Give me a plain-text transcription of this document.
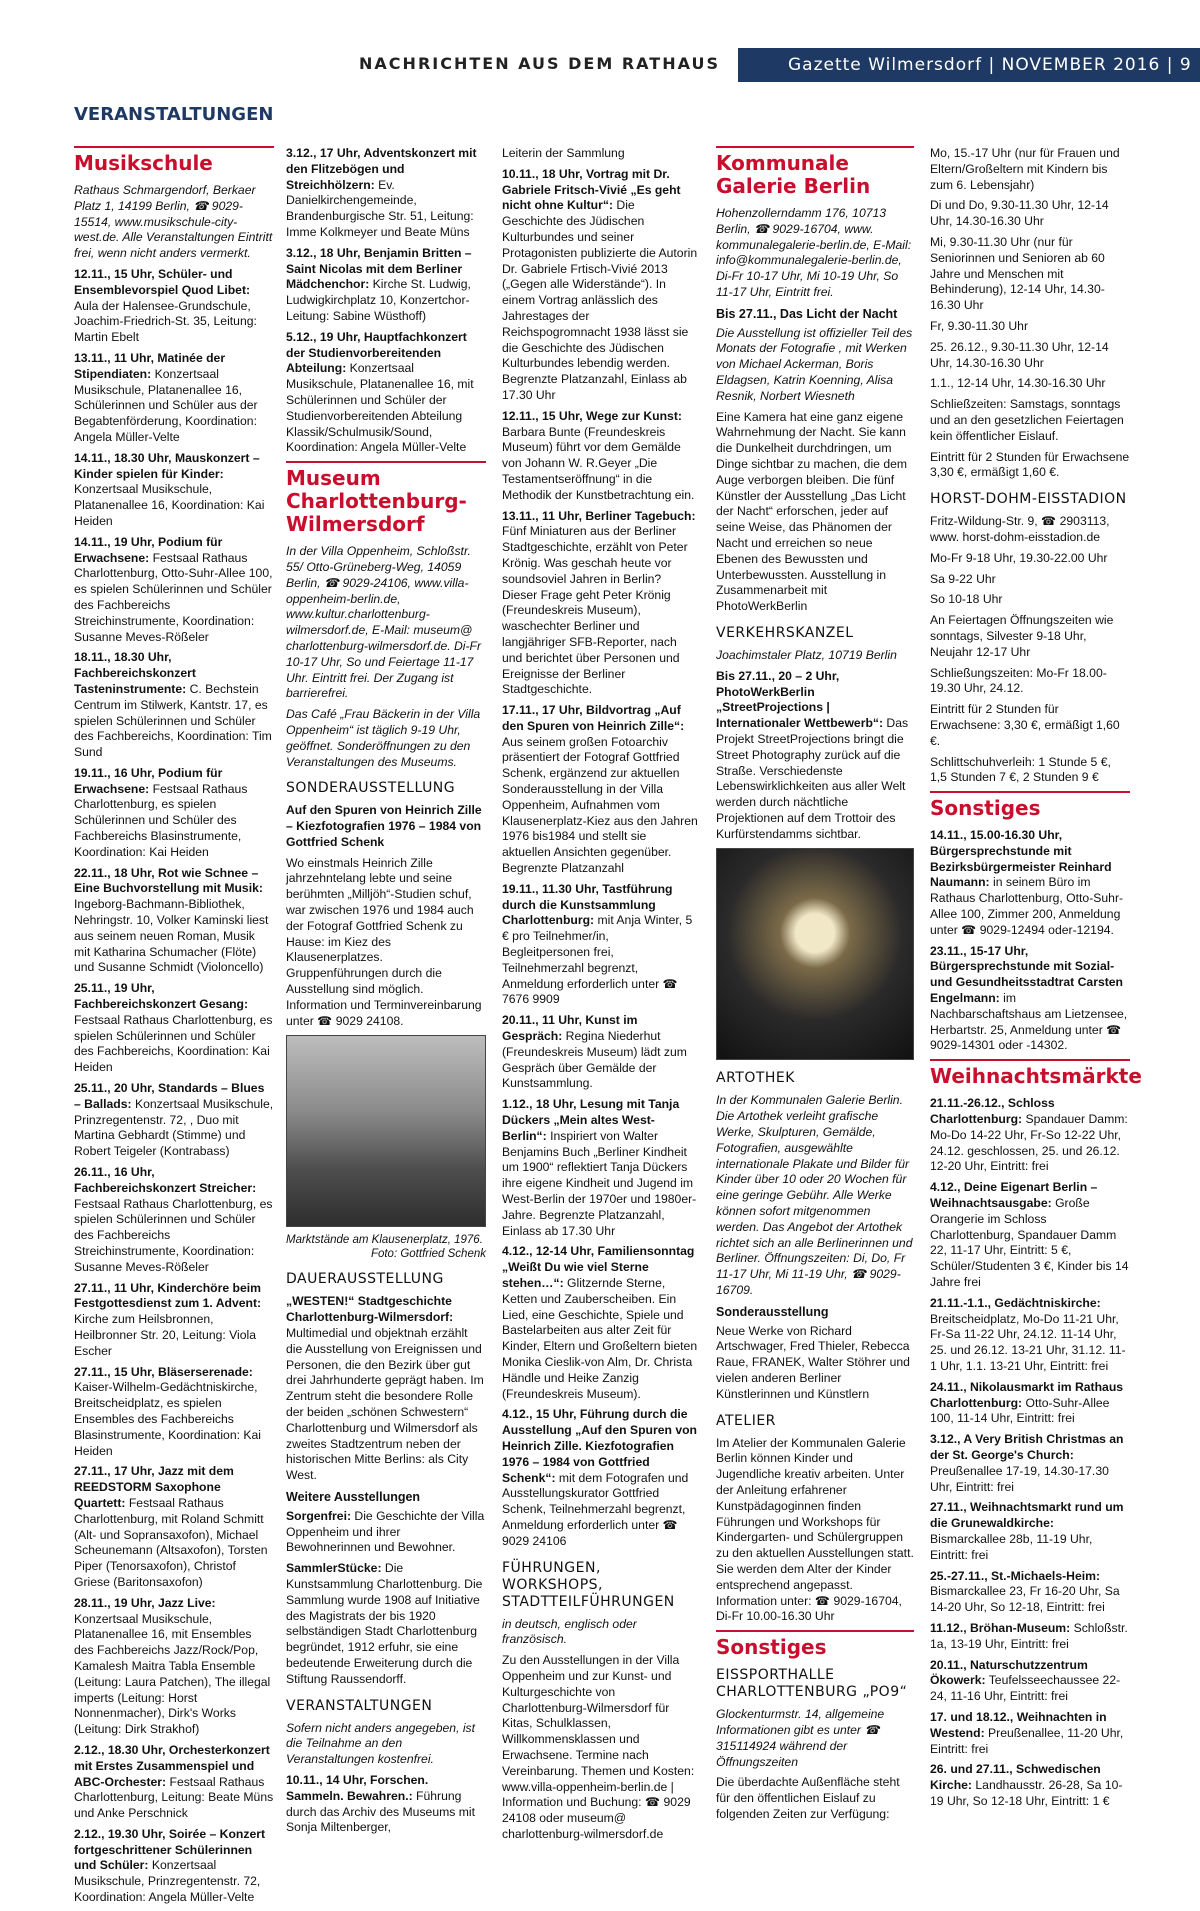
NACHRICHTEN AUS DEM RATHAUS	Gazette Wilmersdorf | NOVEMBER 2016 | 9
VERANSTALTUNGEN
Musikschule

Rathaus Schmargendorf, Berkaer Platz 1, 14199 Berlin, ☎ 9029-15514, www.musikschule-city-west.de. Alle Veranstaltungen Eintritt frei, wenn nicht anders vermerkt.

12.11., 15 Uhr, Schüler- und Ensemblevorspiel Quod Libet: Aula der Halensee-Grundschule, Joachim-Friedrich-St. 35, Leitung: Martin Ebelt

13.11., 11 Uhr, Matinée der Stipendiaten: Konzertsaal Musikschule, Platanenallee 16, Schülerinnen und Schüler aus der Begabtenförderung, Koordination: Angela Müller-Velte

14.11., 18.30 Uhr, Mauskonzert – Kinder spielen für Kinder: Konzertsaal Musikschule, Platanenallee 16, Koordination: Kai Heiden

14.11., 19 Uhr, Podium für Erwachsene: Festsaal Rathaus Charlottenburg, Otto-Suhr-Allee 100, es spielen Schülerinnen und Schüler des Fachbereichs Streichinstrumente, Koordination: Susanne Meves-Rößeler

18.11., 18.30 Uhr, Fachbereichskonzert Tasteninstrumente: C. Bechstein Centrum im Stilwerk, Kantstr. 17, es spielen Schülerinnen und Schüler des Fachbereichs, Koordination: Tim Sund

19.11., 16 Uhr, Podium für Erwachsene: Festsaal Rathaus Charlottenburg, es spielen Schülerinnen und Schüler des Fachbereichs Blasinstrumente, Koordination: Kai Heiden

22.11., 18 Uhr, Rot wie Schnee – Eine Buchvorstellung mit Musik: Ingeborg-Bachmann-Bibliothek, Nehringstr. 10, Volker Kaminski liest aus seinem neuen Roman, Musik mit Katharina Schumacher (Flöte) und Susanne Schmidt (Violoncello)

25.11., 19 Uhr, Fachbereichskonzert Gesang: Festsaal Rathaus Charlottenburg, es spielen Schülerinnen und Schüler des Fachbereichs, Koordination: Kai Heiden

25.11., 20 Uhr, Standards – Blues – Ballads: Konzertsaal Musikschule, Prinzregentenstr. 72, , Duo mit Martina Gebhardt (Stimme) und Robert Teigeler (Kontrabass)

26.11., 16 Uhr, Fachbereichskonzert Streicher: Festsaal Rathaus Charlottenburg, es spielen Schülerinnen und Schüler des Fachbereichs Streichinstrumente, Koordination: Susanne Meves-Rößeler

27.11., 11 Uhr, Kinderchöre beim Festgottesdienst zum 1. Advent: Kirche zum Heilsbronnen, Heilbronner Str. 20, Leitung: Viola Escher

27.11., 15 Uhr, Bläserserenade: Kaiser-Wilhelm-Gedächtniskirche, Breitscheidplatz, es spielen Ensembles des Fachbereichs Blasinstrumente, Koordination: Kai Heiden

27.11., 17 Uhr, Jazz mit dem REEDSTORM Saxophone Quartett: Festsaal Rathaus Charlottenburg, mit Roland Schmitt (Alt- und Sopransaxofon), Michael Scheunemann (Altsaxofon), Torsten Piper (Tenorsaxofon), Christof Griese (Baritonsaxofon)

28.11., 19 Uhr, Jazz Live: Konzertsaal Musikschule, Platanenallee 16, mit Ensembles des Fachbereichs Jazz/Rock/Pop, Kamalesh Maitra Tabla Ensemble (Leitung: Laura Patchen), The illegal imperts (Leitung: Horst Nonnenmacher), Dirk's Works (Leitung: Dirk Strakhof)

2.12., 18.30 Uhr, Orchesterkonzert mit Erstes Zusammenspiel und ABC-Orchester: Festsaal Rathaus Charlottenburg, Leitung: Beate Müns und Anke Perschnick

2.12., 19.30 Uhr, Soirée – Konzert fortgeschrittener Schülerinnen und Schüler: Konzertsaal Musikschule, Prinzregentenstr. 72, Koordination: Angela Müller-Velte

3.12., 17 Uhr, Adventskonzert mit den Flitzebögen und Streichhölzern: Ev. Danielkirchengemeinde, Brandenburgische Str. 51, Leitung: Imme Kolkmeyer und Beate Müns

3.12., 18 Uhr, Benjamin Britten – Saint Nicolas mit dem Berliner Mädchenchor: Kirche St. Ludwig, Ludwigkirchplatz 10, Konzertchor-Leitung: Sabine Wüsthoff)

5.12., 19 Uhr, Hauptfachkonzert der Studienvorbereitenden Abteilung: Konzertsaal Musikschule, Platanenallee 16, mit Schülerinnen und Schüler der Studienvorbereitenden Abteilung Klassik/Schulmusik/Sound, Koordination: Angela Müller-Velte

Museum Charlottenburg-Wilmersdorf

In der Villa Oppenheim, Schloßstr. 55/ Otto-Grüneberg-Weg, 14059 Berlin, ☎ 9029-24106, www.villa-oppenheim-berlin.de, www.kultur.charlottenburg-wilmersdorf.de, E-Mail: museum@ charlottenburg-wilmersdorf.de. Di-Fr 10-17 Uhr, So und Feiertage 11-17 Uhr. Eintritt frei. Der Zugang ist barrierefrei.

Das Café „Frau Bäckerin in der Villa Oppenheim“ ist täglich 9-19 Uhr, geöffnet. Sonderöffnungen zu den Veranstaltungen des Museums.

SONDERAUSSTELLUNG

Auf den Spuren von Heinrich Zille – Kiezfotografien 1976 – 1984 von Gottfried Schenk

Wo einstmals Heinrich Zille jahrzehntelang lebte und seine berühmten „Milljöh“-Studien schuf, war zwischen 1976 und 1984 auch der Fotograf Gottfried Schenk zu Hause: im Kiez des Klausenerplatzes. Gruppenführungen durch die Ausstellung sind möglich. Information und Terminvereinbarung unter ☎ 9029 24108.

Marktstände am Klausenerplatz, 1976.

Foto: Gottfried Schenk
DAUERAUSSTELLUNG

„WESTEN!“ Stadtgeschichte Charlottenburg-Wilmersdorf: Multimedial und objektnah erzählt die Ausstellung von Ereignissen und Personen, die den Bezirk über gut drei Jahrhunderte geprägt haben. Im Zentrum steht die besondere Rolle der beiden „schönen Schwestern“ Charlottenburg und Wilmersdorf als zweites Stadtzentrum neben der historischen Mitte Berlins: als City West.

Weitere Ausstellungen

Sorgenfrei: Die Geschichte der Villa Oppenheim und ihrer Bewohnerinnen und Bewohner.

SammlerStücke: Die Kunstsammlung Charlottenburg. Die Sammlung wurde 1908 auf Initiative des Magistrats der bis 1920 selbständigen Stadt Charlottenburg begründet, 1912 erfuhr, sie eine bedeutende Erweiterung durch die Stiftung Raussendorff.

VERANSTALTUNGEN

Sofern nicht anders angegeben, ist die Teilnahme an den Veranstaltungen kostenfrei.

10.11., 14 Uhr, Forschen. Sammeln. Bewahren.: Führung durch das Archiv des Museums mit Sonja Miltenberger,

Leiterin der Sammlung

10.11., 18 Uhr, Vortrag mit Dr. Gabriele Fritsch-Vivié „Es geht nicht ohne Kultur“: Die Geschichte des Jüdischen Kulturbundes und seiner Protagonisten publizierte die Autorin Dr. Gabriele Frtisch-Vivié 2013 („Gegen alle Widerstände“). In einem Vortrag anlässlich des Jahrestages der Reichspogromnacht 1938 lässt sie die Geschichte des Jüdischen Kulturbundes lebendig werden. Begrenzte Platzanzahl, Einlass ab 17.30 Uhr

12.11., 15 Uhr, Wege zur Kunst: Barbara Bunte (Freundeskreis Museum) führt vor dem Gemälde von Johann W. R.Geyer „Die Testamentseröffnung“ in die Methodik der Kunstbetrachtung ein.

13.11., 11 Uhr, Berliner Tagebuch: Fünf Miniaturen aus der Berliner Stadtgeschichte, erzählt von Peter Krönig. Was geschah heute vor soundsoviel Jahren in Berlin? Dieser Frage geht Peter Krönig (Freundeskreis Museum), waschechter Berliner und langjähriger SFB-Reporter, nach und berichtet über Personen und Ereignisse der Berliner Stadtgeschichte.

17.11., 17 Uhr, Bildvortrag „Auf den Spuren von Heinrich Zille“: Aus seinem großen Fotoarchiv präsentiert der Fotograf Gottfried Schenk, ergänzend zur aktuellen Sonderausstellung in der Villa Oppenheim, Aufnahmen vom Klausenerplatz-Kiez aus den Jahren 1976 bis1984 und stellt sie aktuellen Ansichten gegenüber. Begrenzte Platzanzahl

19.11., 11.30 Uhr, Tastführung durch die Kunstsammlung Charlottenburg: mit Anja Winter, 5 € pro Teilnehmer/in, Begleitpersonen frei, Teilnehmerzahl begrenzt, Anmeldung erforderlich unter ☎ 7676 9909

20.11., 11 Uhr, Kunst im Gespräch: Regina Niederhut (Freundeskreis Museum) lädt zum Gespräch über Gemälde der Kunstsammlung.

1.12., 18 Uhr, Lesung mit Tanja Dückers „Mein altes West-Berlin“: Inspiriert von Walter Benjamins Buch „Berliner Kindheit um 1900“ reflektiert Tanja Dückers ihre eigene Kindheit und Jugend im West-Berlin der 1970er und 1980er-Jahre. Begrenzte Platzanzahl, Einlass ab 17.30 Uhr

4.12., 12-14 Uhr, Familiensonntag „Weißt Du wie viel Sterne stehen…“: Glitzernde Sterne, Ketten und Zauberscheiben. Ein Lied, eine Geschichte, Spiele und Bastelarbeiten aus alter Zeit für Kinder, Eltern und Großeltern bieten Monika Cieslik-von Alm, Dr. Christa Händle und Heike Zanzig (Freundeskreis Museum).

4.12., 15 Uhr, Führung durch die Ausstellung „Auf den Spuren von Heinrich Zille. Kiezfotografien 1976 – 1984 von Gottfried Schenk“: mit dem Fotografen und Ausstellungskurator Gottfried Schenk, Teilnehmerzahl begrenzt, Anmeldung erforderlich unter ☎ 9029 24106

FÜHRUNGEN, WORKSHOPS, STADTTEILFÜHRUNGEN

in deutsch, englisch oder französisch.

Zu den Ausstellungen in der Villa Oppenheim und zur Kunst- und Kulturgeschichte von Charlottenburg-Wilmersdorf für Kitas, Schulklassen, Willkommensklassen und Erwachsene. Termine nach Vereinbarung. Themen und Kosten: www.villa-oppenheim-berlin.de | Information und Buchung: ☎ 9029 24108 oder museum@ charlottenburg-wilmersdorf.de

Kommunale Galerie Berlin

Hohenzollerndamm 176, 10713 Berlin, ☎ 9029-16704, www. kommunalegalerie-berlin.de, E-Mail: info@kommunalegalerie-berlin.de, Di-Fr 10-17 Uhr, Mi 10-19 Uhr, So 11-17 Uhr, Eintritt frei.

Bis 27.11., Das Licht der Nacht

Die Ausstellung ist offizieller Teil des Monats der Fotografie , mit Werken von Michael Ackerman, Boris Eldagsen, Katrin Koenning, Alisa Resnik, Norbert Wiesneth

Eine Kamera hat eine ganz eigene Wahrnehmung der Nacht. Sie kann die Dunkelheit durchdringen, um Dinge sichtbar zu machen, die dem Auge verborgen bleiben. Die fünf Künstler der Ausstellung „Das Licht der Nacht“ erforschen, jeder auf seine Weise, das Phänomen der Nacht und erreichen so neue Ebenen des Bewussten und Unterbewussten. Ausstellung in Zusammenarbeit mit PhotoWerkBerlin

VERKEHRSKANZEL

Joachimstaler Platz, 10719 Berlin

Bis 27.11., 20 – 2 Uhr, PhotoWerkBerlin „StreetProjections | Internationaler Wettbewerb“: Das Projekt StreetProjections bringt die Street Photography zurück auf die Straße. Verschiedenste Lebenswirklichkeiten aus aller Welt werden durch nächtliche Projektionen auf dem Trottoir des Kurfürstendamms sichtbar.

ARTOTHEK

In der Kommunalen Galerie Berlin. Die Artothek verleiht grafische Werke, Skulpturen, Gemälde, Fotografien, ausgewählte internationale Plakate und Bilder für Kinder über 10 oder 20 Wochen für eine geringe Gebühr. Alle Werke können sofort mitgenommen werden. Das Angebot der Artothek richtet sich an alle Berlinerinnen und Berliner. Öffnungszeiten: Di, Do, Fr 11-17 Uhr, Mi 11-19 Uhr, ☎ 9029-16709.

Sonderausstellung

Neue Werke von Richard Artschwager, Fred Thieler, Rebecca Raue, FRANEK, Walter Stöhrer und vielen anderen Berliner Künstlerinnen und Künstlern

ATELIER

Im Atelier der Kommunalen Galerie Berlin können Kinder und Jugendliche kreativ arbeiten. Unter der Anleitung erfahrener Kunstpädagoginnen finden Führungen und Workshops für Kindergarten- und Schülergruppen zu den aktuellen Ausstellungen statt. Sie werden dem Alter der Kinder entsprechend angepasst. Information unter: ☎ 9029-16704, Di-Fr 10.00-16.30 Uhr

Sonstiges
EISSPORTHALLE CHARLOTTENBURG „PO9“

Glockenturmstr. 14, allgemeine Informationen gibt es unter ☎ 315114924 während der Öffnungszeiten

Die überdachte Außenfläche steht für den öffentlichen Eislauf zu folgenden Zeiten zur Verfügung:

Mo, 15.-17 Uhr (nur für Frauen und Eltern/Großeltern mit Kindern bis zum 6. Lebensjahr)

Di und Do, 9.30-11.30 Uhr, 12-14 Uhr, 14.30-16.30 Uhr

Mi, 9.30-11.30 Uhr (nur für Seniorinnen und Senioren ab 60 Jahre und Menschen mit Behinderung), 12-14 Uhr, 14.30-16.30 Uhr

Fr, 9.30-11.30 Uhr

25. 26.12., 9.30-11.30 Uhr, 12-14 Uhr, 14.30-16.30 Uhr

1.1., 12-14 Uhr, 14.30-16.30 Uhr

Schließzeiten: Samstags, sonntags und an den gesetzlichen Feiertagen kein öffentlicher Eislauf.

Eintritt für 2 Stunden für Erwachsene 3,30 €, ermäßigt 1,60 €.

HORST-DOHM-EISSTADION

Fritz-Wildung-Str. 9, ☎ 2903113, www. horst-dohm-eisstadion.de

Mo-Fr 9-18 Uhr, 19.30-22.00 Uhr

Sa 9-22 Uhr

So 10-18 Uhr

An Feiertagen Öffnungszeiten wie sonntags, Silvester 9-18 Uhr, Neujahr 12-17 Uhr

Schließungszeiten: Mo-Fr 18.00-19.30 Uhr, 24.12.

Eintritt für 2 Stunden für Erwachsene: 3,30 €, ermäßigt 1,60 €.

Schlittschuhverleih: 1 Stunde 5 €, 1,5 Stunden 7 €, 2 Stunden 9 €

Sonstiges

14.11., 15.00-16.30 Uhr, Bürgersprechstunde mit Bezirksbürgermeister Reinhard Naumann: in seinem Büro im Rathaus Charlottenburg, Otto-Suhr-Allee 100, Zimmer 200, Anmeldung unter ☎ 9029-12494 oder-12194.

23.11., 15-17 Uhr, Bürgersprechstunde mit Sozial- und Gesundheitsstadtrat Carsten Engelmann: im Nachbarschaftshaus am Lietzensee, Herbartstr. 25, Anmeldung unter ☎ 9029-14301 oder -14302.

Weihnachtsmärkte

21.11.-26.12., Schloss Charlottenburg: Spandauer Damm: Mo-Do 14-22 Uhr, Fr-So 12-22 Uhr, 24.12. geschlossen, 25. und 26.12. 12-20 Uhr, Eintritt: frei

4.12., Deine Eigenart Berlin – Weihnachtsausgabe: Große Orangerie im Schloss Charlottenburg, Spandauer Damm 22, 11-17 Uhr, Eintritt: 5 €, Schüler/Studenten 3 €, Kinder bis 14 Jahre frei

21.11.-1.1., Gedächtniskirche: Breitscheidplatz, Mo-Do 11-21 Uhr, Fr-Sa 11-22 Uhr, 24.12. 11-14 Uhr, 25. und 26.12. 13-21 Uhr, 31.12. 11-1 Uhr, 1.1. 13-21 Uhr, Eintritt: frei

24.11., Nikolausmarkt im Rathaus Charlottenburg: Otto-Suhr-Allee 100, 11-14 Uhr, Eintritt: frei

3.12., A Very British Christmas an der St. George's Church: Preußenallee 17-19, 14.30-17.30 Uhr, Eintritt: frei

27.11., Weihnachtsmarkt rund um die Grunewaldkirche: Bismarckallee 28b, 11-19 Uhr, Eintritt: frei

25.-27.11., St.-Michaels-Heim: Bismarckallee 23, Fr 16-20 Uhr, Sa 14-20 Uhr, So 12-18, Eintritt: frei

11.12., Bröhan-Museum: Schloßstr. 1a, 13-19 Uhr, Eintritt: frei

20.11., Naturschutzzentrum Ökowerk: Teufelsseechaussee 22-24, 11-16 Uhr, Eintritt: frei

17. und 18.12., Weihnachten in Westend: Preußenallee, 11-20 Uhr, Eintritt: frei

26. und 27.11., Schwedischen Kirche: Landhausstr. 26-28, Sa 10-19 Uhr, So 12-18 Uhr, Eintritt: 1 €
